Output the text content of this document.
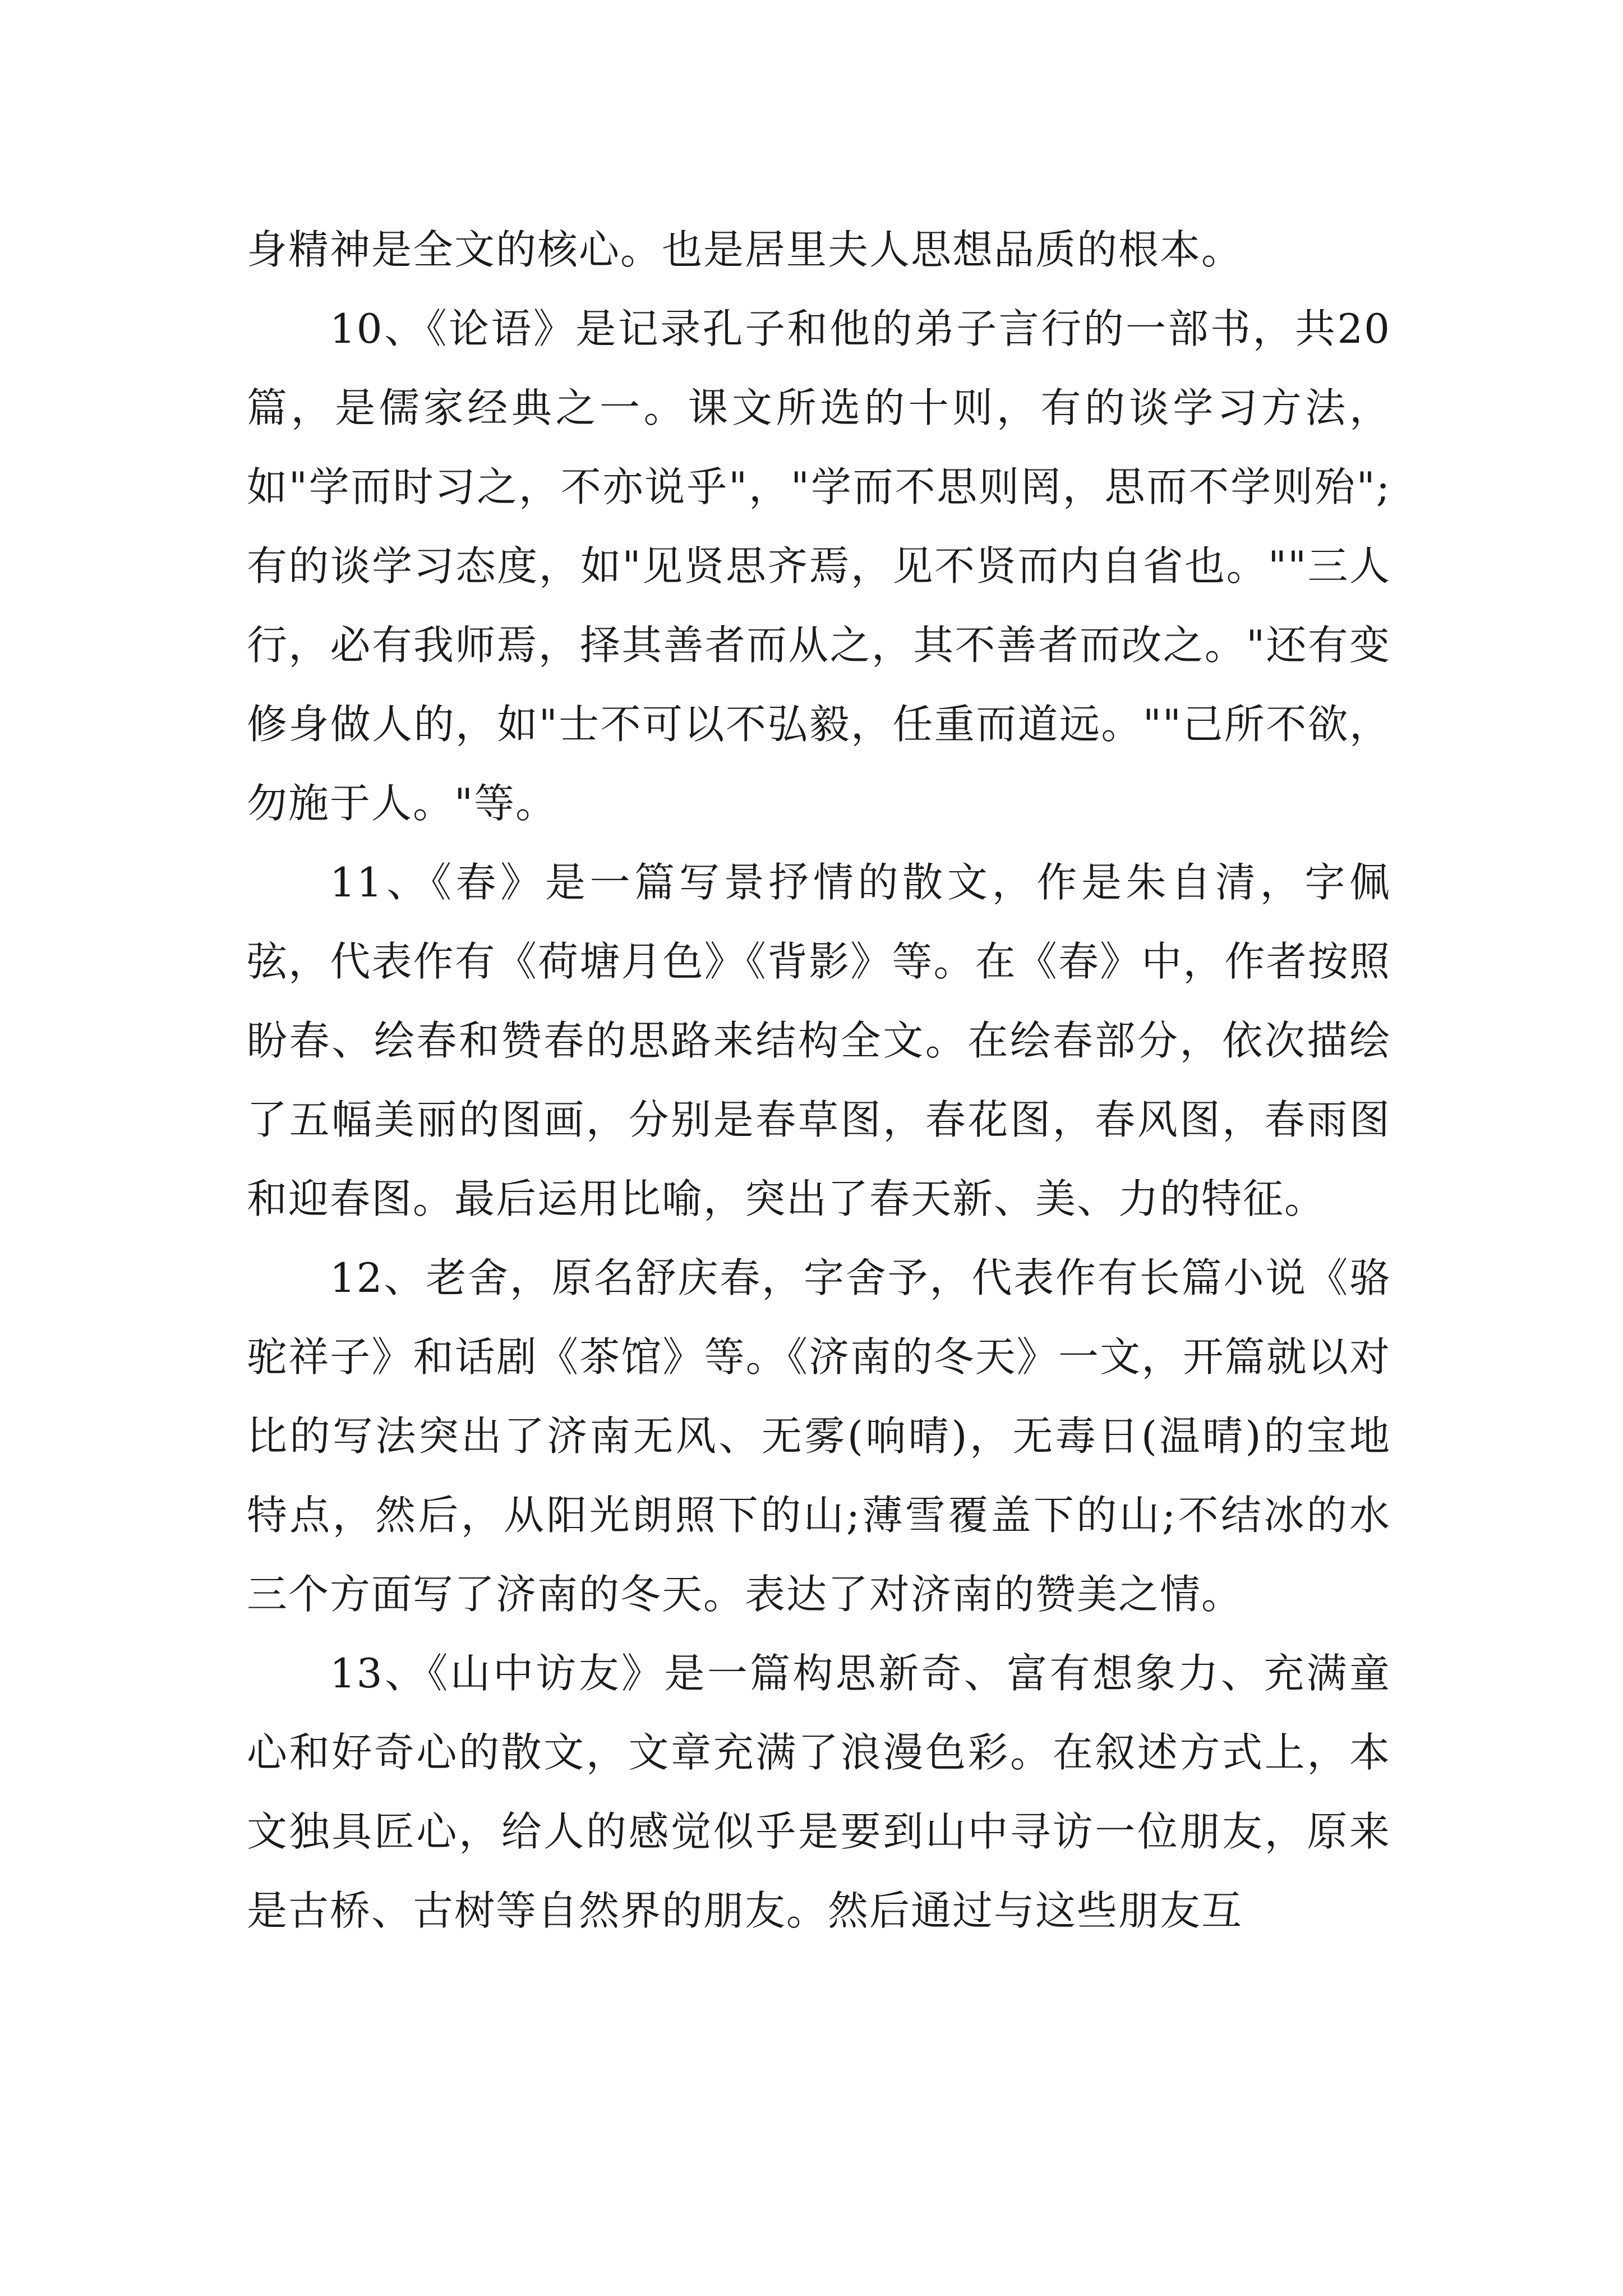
身精神是全文的核心。也是居里夫人思想品质的根本。

10、《论语》是记录孔子和他的弟子言行的一部书，共20篇，是儒家经典之一。课文所选的十则，有的谈学习方法，如"学而时习之，不亦说乎"，"学而不思则罔，思而不学则殆";有的谈学习态度，如"见贤思齐焉，见不贤而内自省也。""三人行，必有我师焉，择其善者而从之，其不善者而改之。"还有变修身做人的，如"士不可以不弘毅，任重而道远。""己所不欲，勿施于人。"等。

11、《春》是一篇写景抒情的散文，作是朱自清，字佩弦，代表作有《荷塘月色》《背影》等。在《春》中，作者按照盼春、绘春和赞春的思路来结构全文。在绘春部分，依次描绘了五幅美丽的图画，分别是春草图，春花图，春风图，春雨图和迎春图。最后运用比喻，突出了春天新、美、力的特征。

12、老舍，原名舒庆春，字舍予，代表作有长篇小说《骆驼祥子》和话剧《茶馆》等。《济南的冬天》一文，开篇就以对比的写法突出了济南无风、无雾(响晴)，无毒日(温晴)的宝地特点，然后，从阳光朗照下的山;薄雪覆盖下的山;不结冰的水三个方面写了济南的冬天。表达了对济南的赞美之情。

13、《山中访友》是一篇构思新奇、富有想象力、充满童心和好奇心的散文，文章充满了浪漫色彩。在叙述方式上，本文独具匠心，给人的感觉似乎是要到山中寻访一位朋友，原来是古桥、古树等自然界的朋友。然后通过与这些朋友互
